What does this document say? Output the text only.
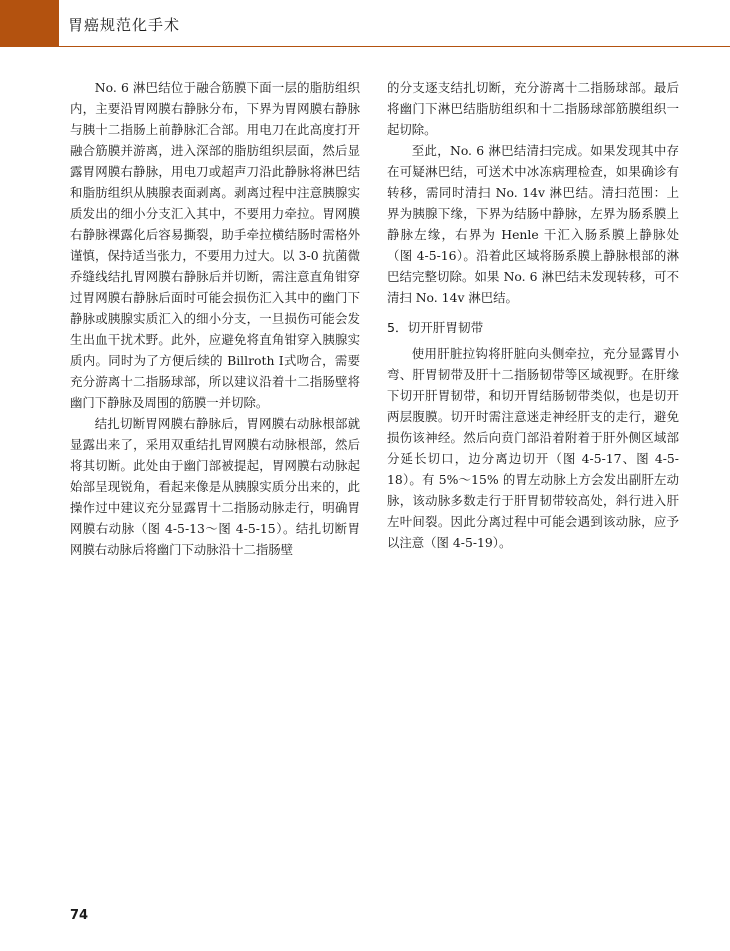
胃癌规范化手术

No. 6 淋巴结位于融合筋膜下面一层的脂肪组织内，主要沿胃网膜右静脉分布，下界为胃网膜右静脉与胰十二指肠上前静脉汇合部。用电刀在此高度打开融合筋膜并游离，进入深部的脂肪组织层面，然后显露胃网膜右静脉，用电刀或超声刀沿此静脉将淋巴结和脂肪组织从胰腺表面剥离。剥离过程中注意胰腺实质发出的细小分支汇入其中，不要用力牵拉。胃网膜右静脉裸露化后容易撕裂，助手牵拉横结肠时需格外谨慎，保持适当张力，不要用力过大。以 3-0 抗菌微乔缝线结扎胃网膜右静脉后并切断，需注意直角钳穿过胃网膜右静脉后面时可能会损伤汇入其中的幽门下静脉或胰腺实质汇入的细小分支，一旦损伤可能会发生出血干扰术野。此外，应避免将直角钳穿入胰腺实质内。同时为了方便后续的 Billroth Ⅰ式吻合，需要充分游离十二指肠球部，所以建议沿着十二指肠壁将幽门下静脉及周围的筋膜一并切除。

结扎切断胃网膜右静脉后，胃网膜右动脉根部就显露出来了，采用双重结扎胃网膜右动脉根部，然后将其切断。此处由于幽门部被提起，胃网膜右动脉起始部呈现锐角，看起来像是从胰腺实质分出来的，此操作过中建议充分显露胃十二指肠动脉走行，明确胃网膜右动脉（图 4-5-13～图 4-5-15）。结扎切断胃网膜右动脉后将幽门下动脉沿十二指肠壁

的分支逐支结扎切断，充分游离十二指肠球部。最后将幽门下淋巴结脂肪组织和十二指肠球部筋膜组织一起切除。

至此，No. 6 淋巴结清扫完成。如果发现其中存在可疑淋巴结，可送术中冰冻病理检查，如果确诊有转移，需同时清扫 No. 14v 淋巴结。清扫范围：上界为胰腺下缘，下界为结肠中静脉，左界为肠系膜上静脉左缘，右界为 Henle 干汇入肠系膜上静脉处（图 4-5-16）。沿着此区域将肠系膜上静脉根部的淋巴结完整切除。如果 No. 6 淋巴结未发现转移，可不清扫 No. 14v 淋巴结。

5．切开肝胃韧带

使用肝脏拉钩将肝脏向头侧牵拉，充分显露胃小弯、肝胃韧带及肝十二指肠韧带等区域视野。在肝缘下切开肝胃韧带，和切开胃结肠韧带类似，也是切开两层腹膜。切开时需注意迷走神经肝支的走行，避免损伤该神经。然后向贲门部沿着附着于肝外侧区域部分延长切口，边分离边切开（图 4-5-17、图 4-5-18）。有 5%～15% 的胃左动脉上方会发出副肝左动脉，该动脉多数走行于肝胃韧带较高处，斜行进入肝左叶间裂。因此分离过程中可能会遇到该动脉，应予以注意（图 4-5-19）。

74
